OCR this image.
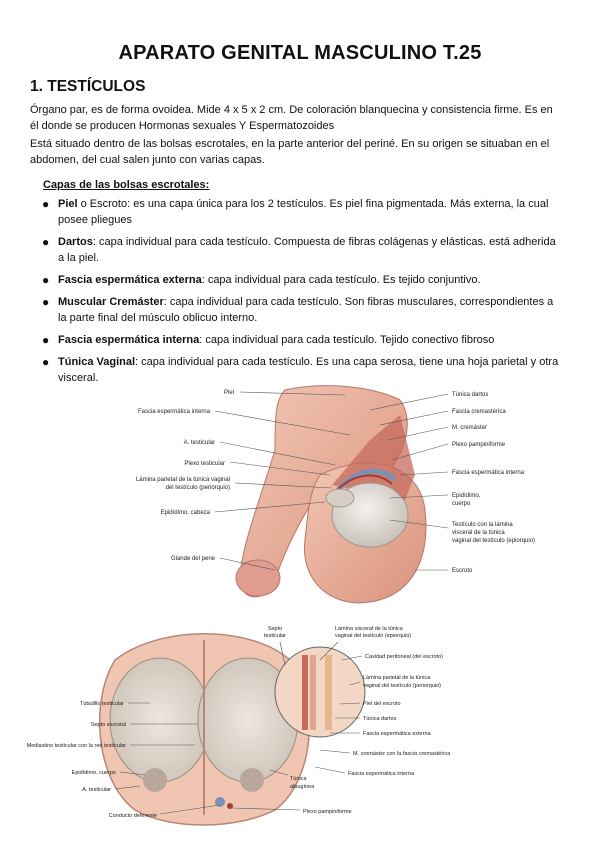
APARATO GENITAL MASCULINO T.25
1. TESTÍCULOS
Órgano par, es de forma ovoidea. Mide 4 x 5 x 2 cm. De coloración blanquecina y consistencia firme. Es en él donde se producen Hormonas sexuales Y Espermatozoides
Está situado dentro de las bolsas escrotales, en la parte anterior del periné. En su origen se situaban en el abdomen, del cual salen junto con varias capas.
Capas de las bolsas escrotales:
● Piel o Escroto: es una capa única para los 2 testículos. Es piel fina pigmentada. Más externa, la cual posee pliegues
● Dartos: capa individual para cada testículo. Compuesta de fibras colágenas y elásticas. está adherida a la piel.
● Fascia espermática externa: capa individual para cada testículo. Es tejido conjuntivo.
● Muscular Cremáster: capa individual para cada testículo. Son fibras musculares, correspondientes a la parte final del músculo oblicuo interno.
● Fascia espermática interna: capa individual para cada testículo. Tejido conectivo fibroso
● Túnica Vaginal: capa individual para cada testículo. Es una capa serosa, tiene una hoja parietal y otra visceral.
Piel
Fascia espermática interna
A. testicular
Plexo testicular
Lámina parietal de la túnica vaginal
del testículo (periorquio)
Epidídimo, cabeza
Glande del pene
Túnica dartos
Fascia cremastérica
M. cremáster
Plexo pampiniforme
Fascia espermática interna
Epidídimo,
cuerpo
Testículo con la lámina
visceral de la túnica
vaginal del testículo (epiorquio)
Escroto
Septo
testicular
Lámina visceral de la túnica
vaginal del testículo (epiorquio)
Cavidad peritoneal (del escroto)
Lámina parietal de la túnica
vaginal del testículo (periorquio)
Piel del escroto
Túnica dartos
Fascia espermática externa
M. cremáster con la fascia cremastérica
Fascia espermática interna
Túbulillo testicular
Septo escrotal
Mediastino testicular con la red testicular
Epidídimo, cuerpo
A. testicular
Conducto deferente
Túnica
albugínea
Plexo pampiniforme
